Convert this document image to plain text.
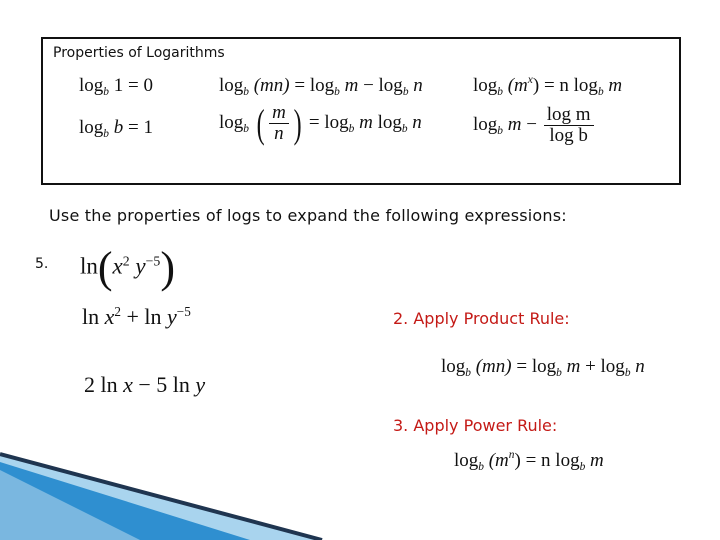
Properties of Logarithms
$\log_b 1 = 0$	$\log_b (mn) = \log_b m - \log_b n$	$\log_b (m^x) = n$ $\log_b m$
$\log_b b = 1$	$\log_b$ ( $\frac{m}{n}$ ) = $\log_b m$ $\log_b n$	$\log_b m - \frac{\text{log m}}{\text{log b}}$
Use the properties of logs to expand the following expressions:
5. $\ln(x^2$ $y^{-5}$)
$\ln x^2 + \ln y^{-5}$
2 ln x − 5 ln y
2. Apply Product Rule:
$\log_b (mn) = \log_b m + \log_b n$
3. Apply Power Rule:
$\log_b (m^n) = n$ $\log_b m$
